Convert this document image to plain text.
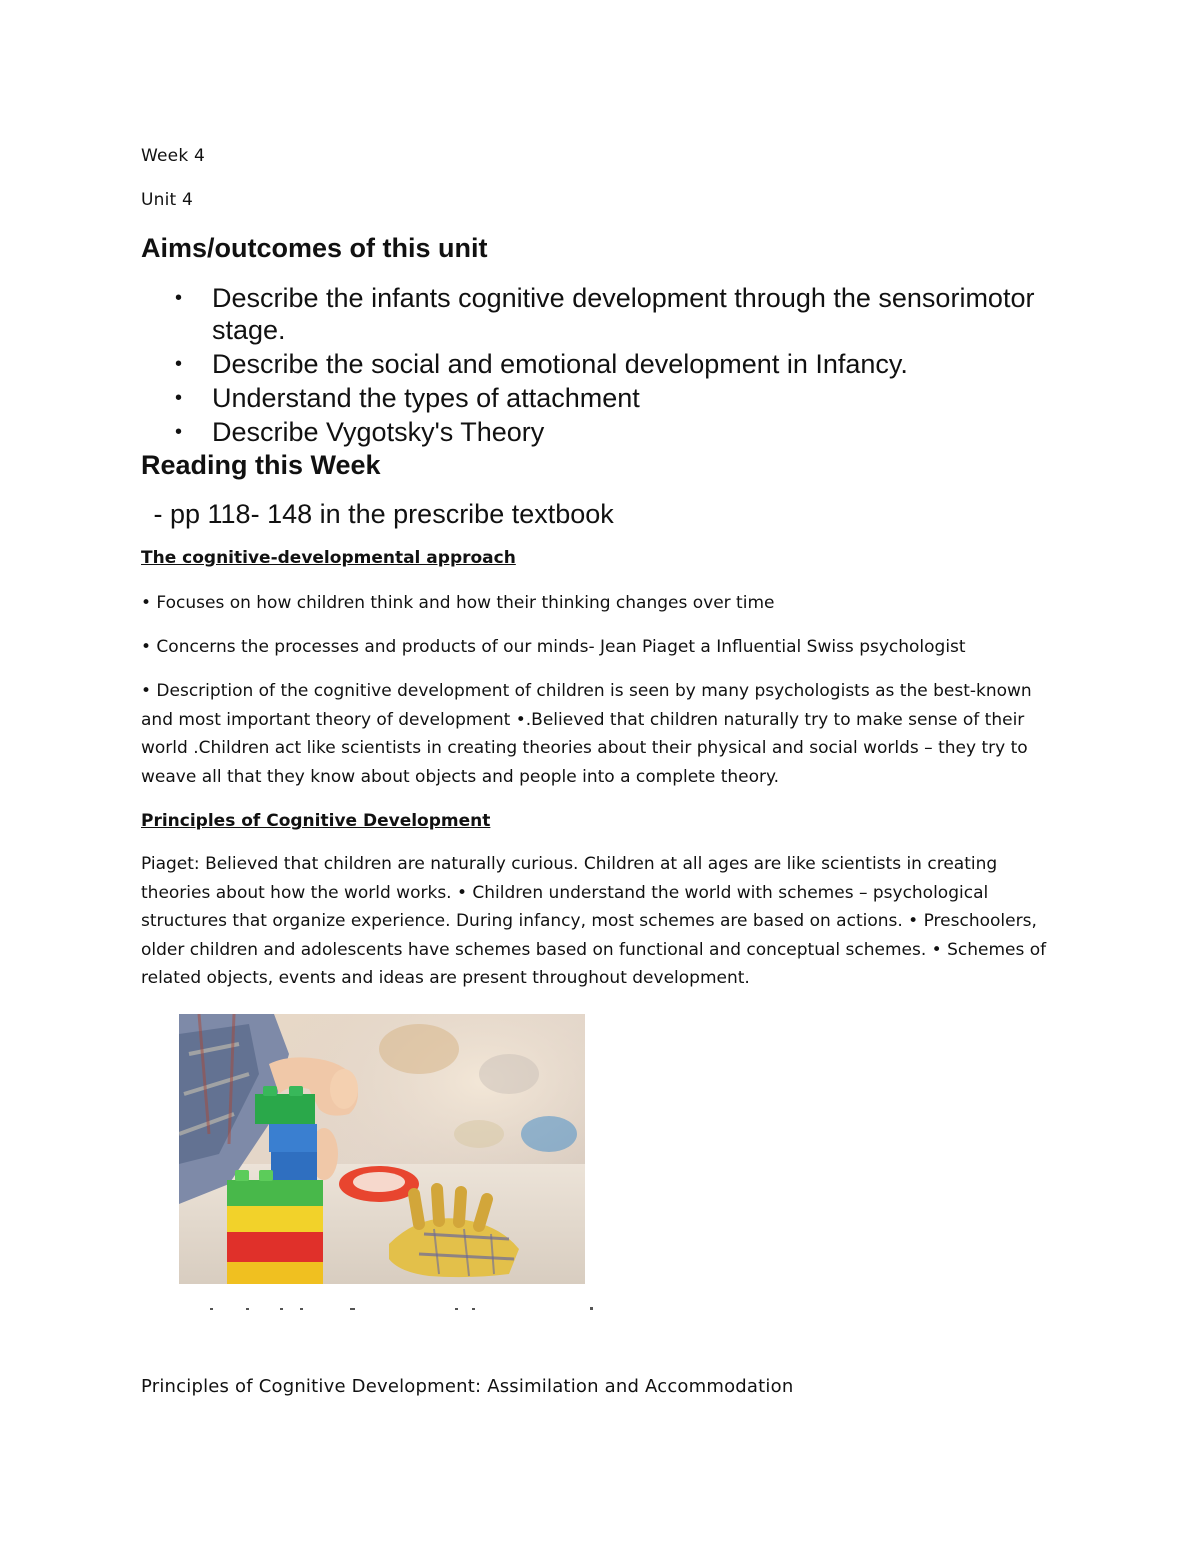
Week 4
Unit 4
Aims/outcomes of this unit
• Describe the infants cognitive development through the sensorimotor stage.
• Describe the social and emotional development in Infancy.
• Understand the types of attachment
• Describe Vygotsky's Theory
Reading this Week
- pp 118- 148 in the prescribe textbook
The cognitive-developmental approach
• Focuses on how children think and how their thinking changes over time
• Concerns the processes and products of our minds- Jean Piaget a Influential Swiss psychologist
• Description of the cognitive development of children is seen by many psychologists as the best-known and most important theory of development •.Believed that children naturally try to make sense of their world .Children act like scientists in creating theories about their physical and social worlds – they try to weave all that they know about objects and people into a complete theory.
Principles of Cognitive Development
Piaget: Believed that children are naturally curious. Children at all ages are like scientists in creating theories about how the world works. • Children understand the world with schemes – psychological structures that organize experience. During infancy, most schemes are based on actions. • Preschoolers, older children and adolescents have schemes based on functional and conceptual schemes. • Schemes of related objects, events and ideas are present throughout development.
Principles of Cognitive Development: Assimilation and Accommodation
